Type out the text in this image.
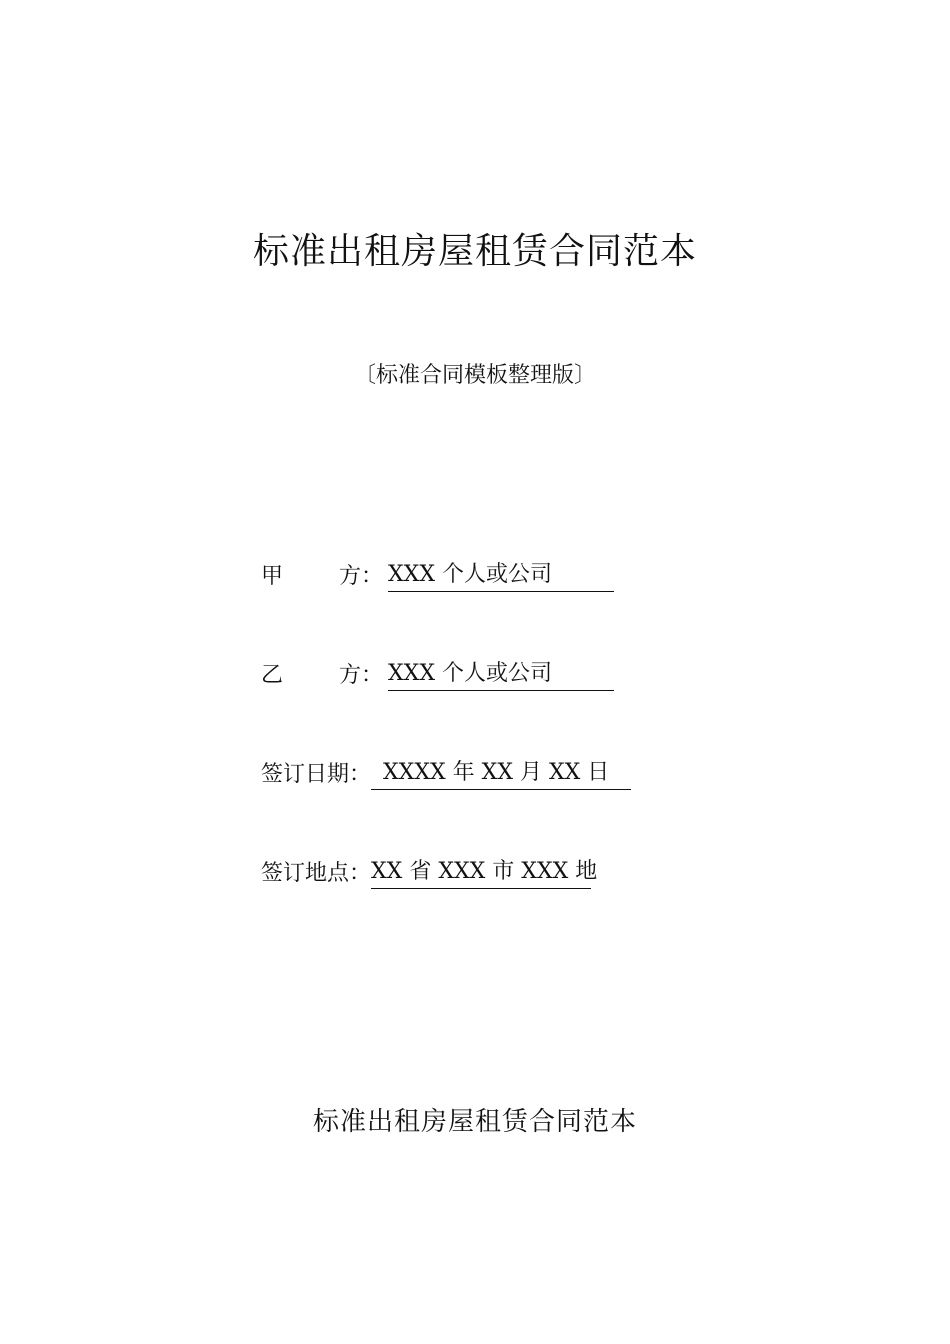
标准出租房屋租赁合同范本
〔标准合同模板整理版〕
甲	方： XXX 个人或公司
乙	方： XXX 个人或公司
签订日期： XXXX 年 XX 月 XX 日
签订地点：XX 省 XXX 市 XXX 地
标准出租房屋租赁合同范本
